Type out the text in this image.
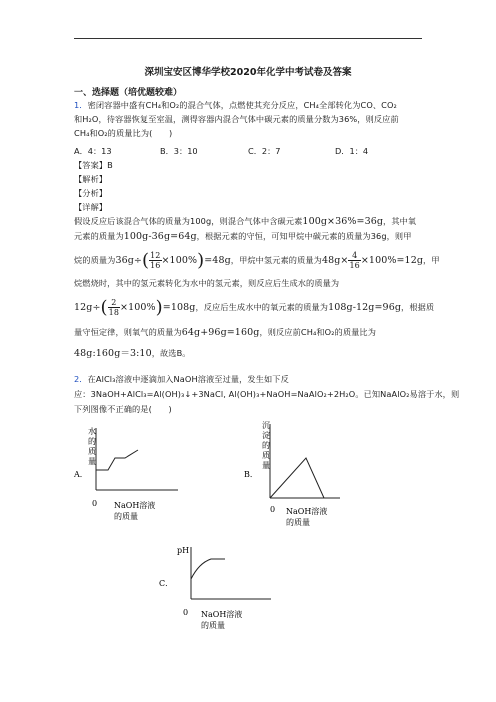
深圳宝安区博华学校2020年化学中考试卷及答案
一、选择题（培优题较难）
1．密闭容器中盛有CH₄和O₂的混合气体，点燃使其充分反应，CH₄全部转化为CO、CO₂
和H₂O，待容器恢复至室温，测得容器内混合气体中碳元素的质量分数为36%，则反应前
CH₄和O₂的质量比为(　　)
A．4：13	B．3：10	C．2：7	D．1：4
【答案】B
【解析】
【分析】
【详解】
假设反应后该混合气体的质量为100g，则混合气体中含碳元素100g×36%=36g，其中氧
元素的质量为100g-36g=64g，根据元素的守恒，可知甲烷中碳元素的质量为36g，则甲
烷的质量为$36g\div( \frac{12}{16} \times 100\%)=48g$，甲烷中氢元素的质量为$48g\times \frac{4}{16} \times 100\%=12g$，甲
烷燃烧时，其中的氢元素转化为水中的氢元素，则反应后生成水的质量为
$12g\div( \frac{2}{18} \times 100\%)=108g$，反应后生成水中的氧元素的质量为108g-12g=96g，根据质
量守恒定律，则氧气的质量为64g+96g=160g，则反应前CH₄和O₂的质量比为
48g:160g＝3:10，故选B。
2．在AlCl₃溶液中逐滴加入NaOH溶液至过量，发生如下反
应：3NaOH+AlCl₃=Al(OH)₃↓+3NaCl, Al(OH)₃+NaOH=NaAlO₂+2H₂O。已知NaAlO₂易溶于水，则
下列图像不正确的是(　　)
A．
水
的
质
量
0 NaOH溶液
的质量
B．
沉
淀
的
质
量
0 NaOH溶液
的质量
C．
pH
0 NaOH溶液
的质量
